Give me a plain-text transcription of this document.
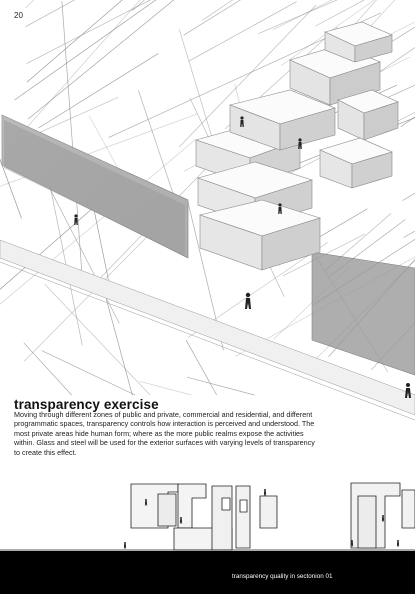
20
transparency exercise

Moving through different zones of public and private, commercial and residential, and different programmatic spaces, transparency controls how interaction is perceived and understood. The most private areas hide human form; where as the more public realms expose the activities within. Glass and steel will be used for the exterior surfaces with varying levels of transparency to create this effect.

transparency quality in sectonion 01
